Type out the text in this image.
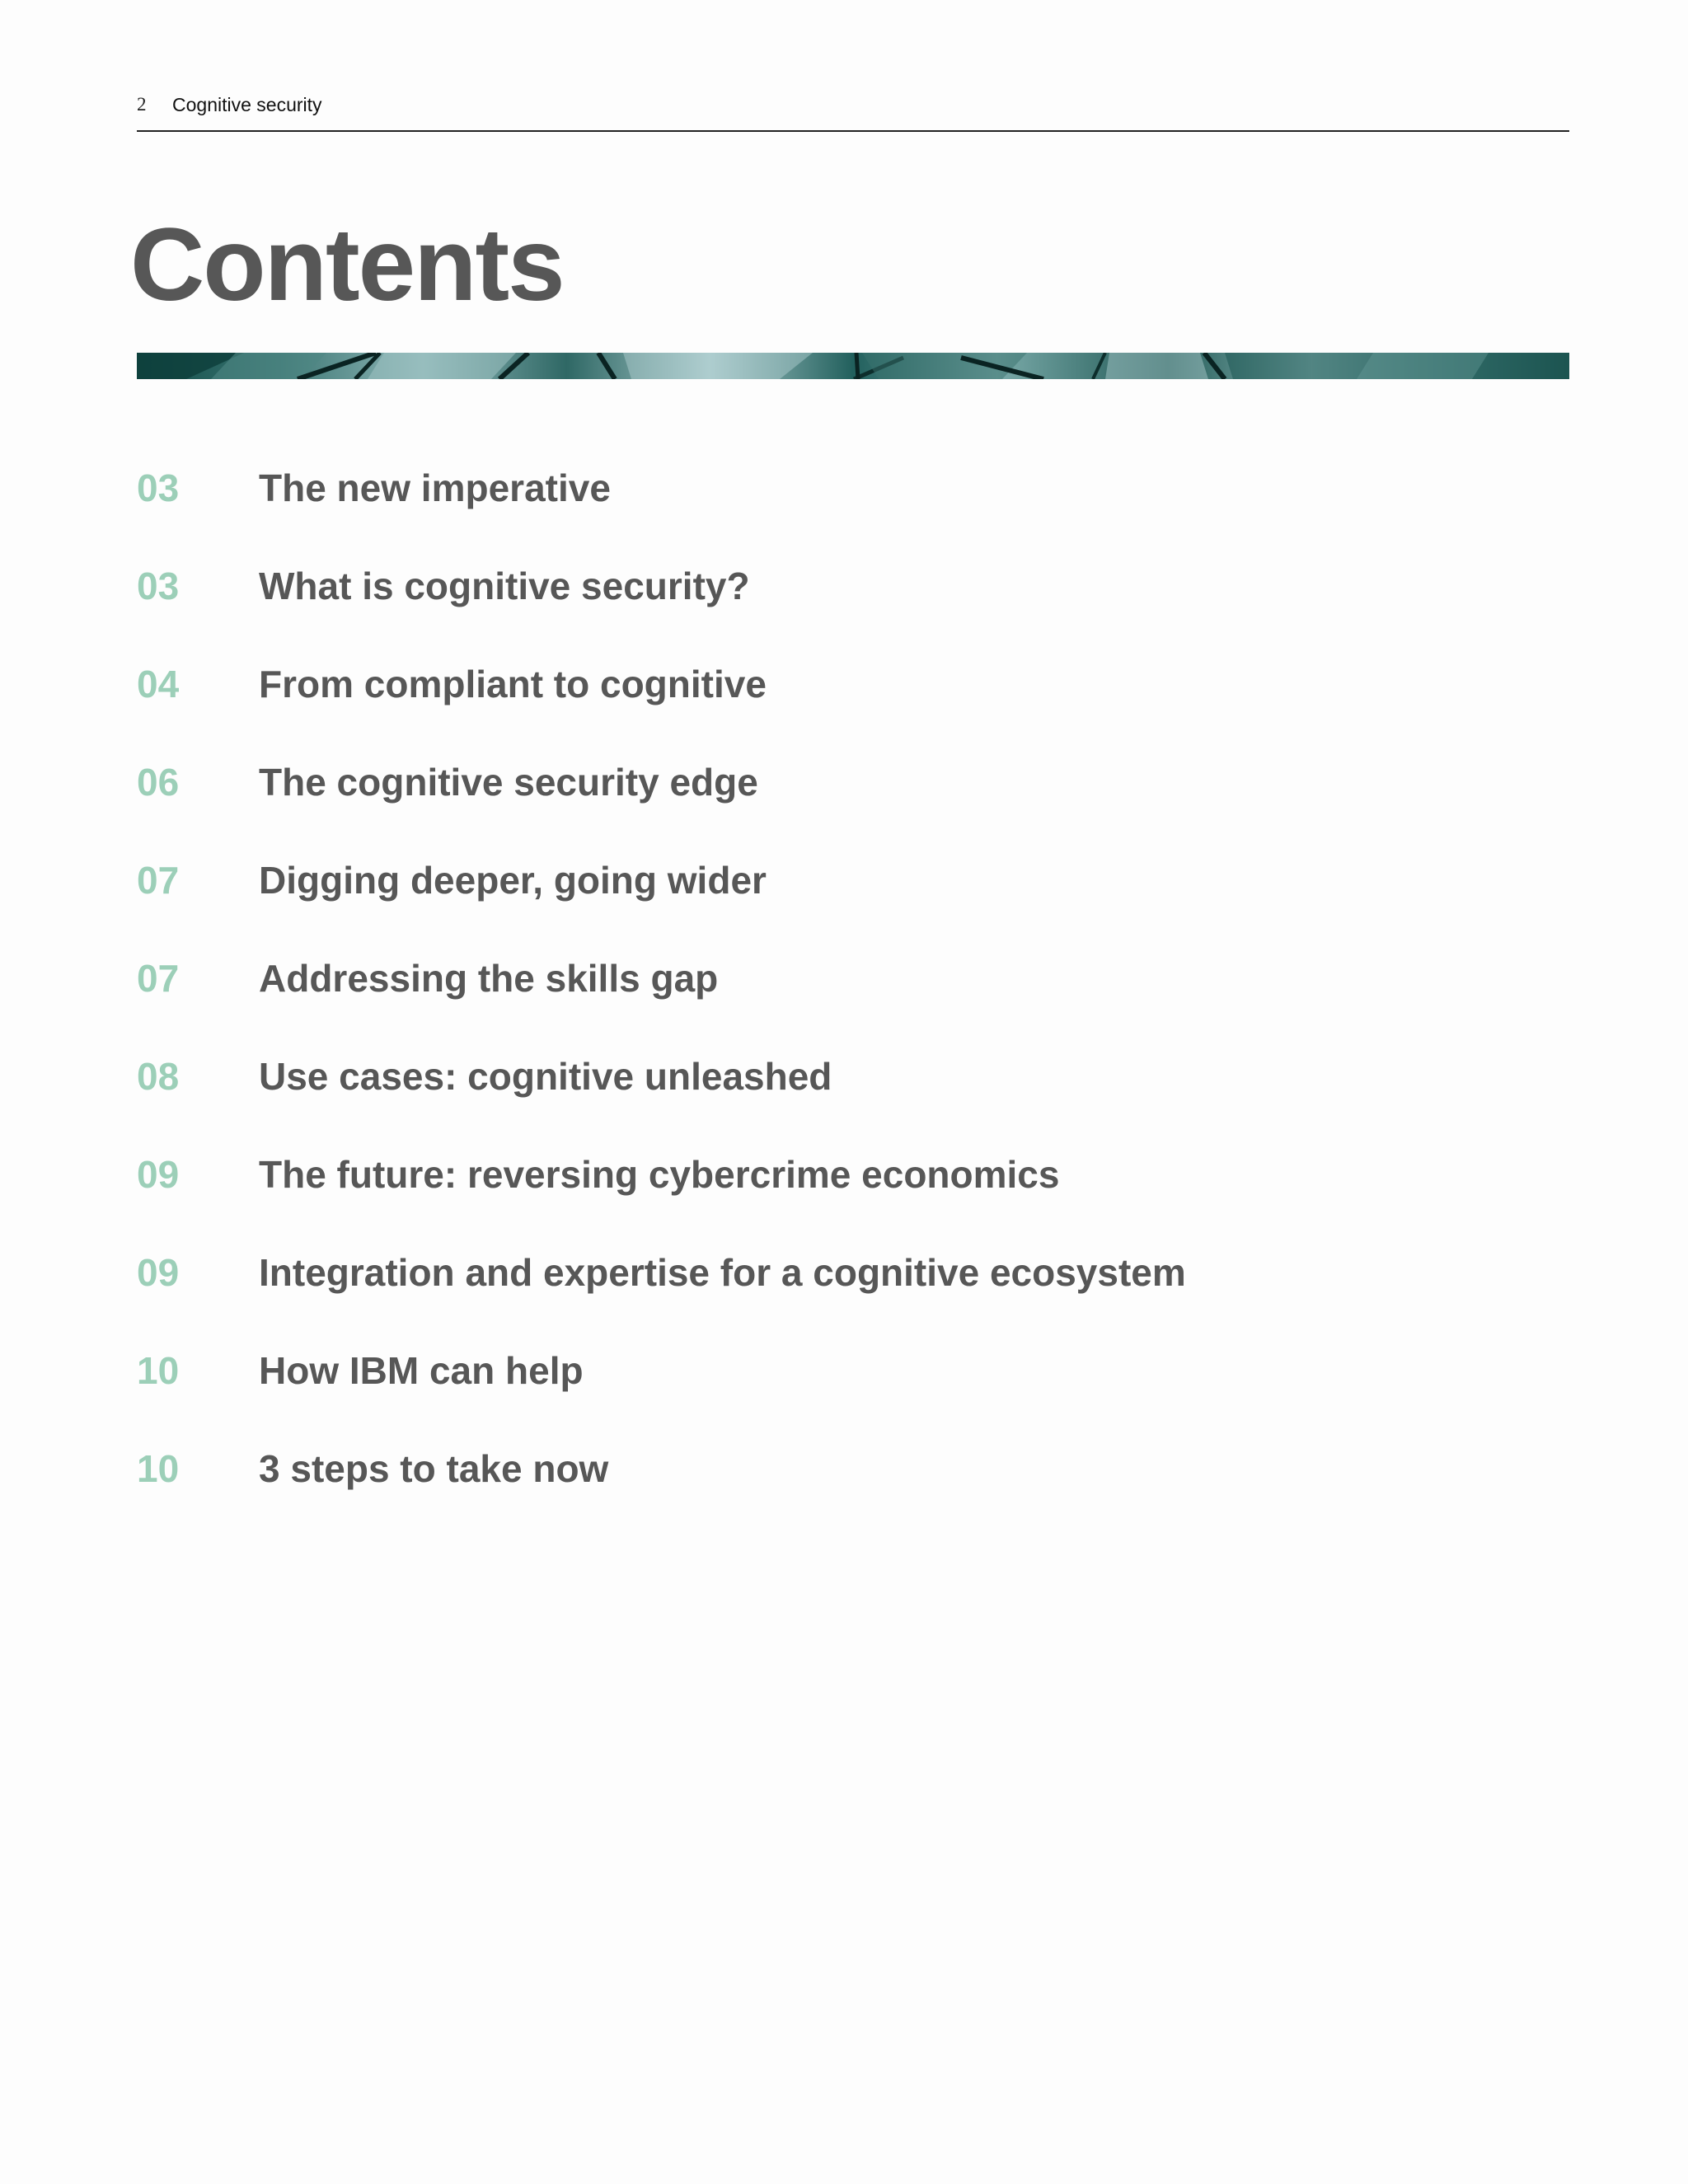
2 Cognitive security
Contents
03 The new imperative
03 What is cognitive security?
04 From compliant to cognitive
06 The cognitive security edge
07 Digging deeper, going wider
07 Addressing the skills gap
08 Use cases: cognitive unleashed
09 The future: reversing cybercrime economics
09 Integration and expertise for a cognitive ecosystem
10 How IBM can help
10 3 steps to take now
